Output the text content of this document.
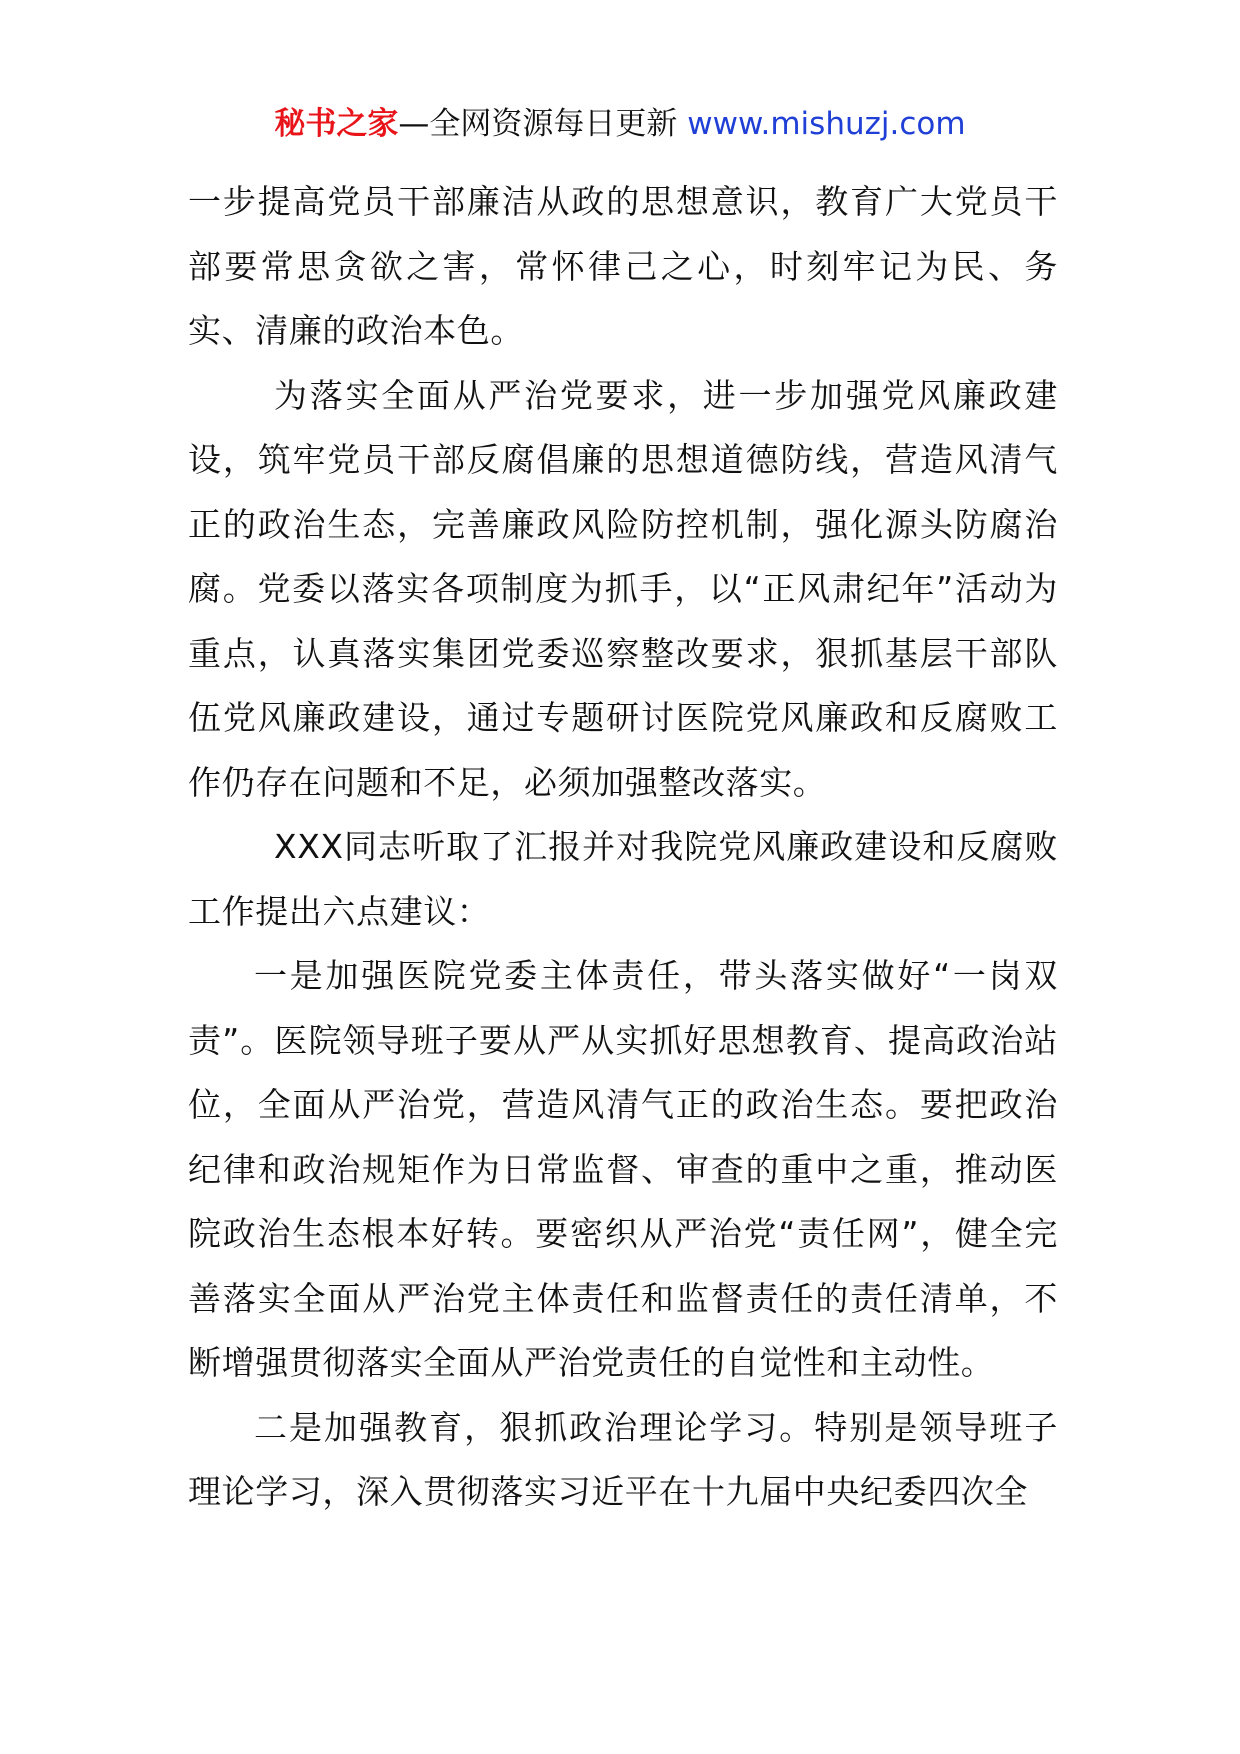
秘书之家—全网资源每日更新 www.mishuzj.com

一步提高党员干部廉洁从政的思想意识，教育广大党员干部要常思贪欲之害，常怀律己之心，时刻牢记为民、务实、清廉的政治本色。

为落实全面从严治党要求，进一步加强党风廉政建设，筑牢党员干部反腐倡廉的思想道德防线，营造风清气正的政治生态，完善廉政风险防控机制，强化源头防腐治腐。党委以落实各项制度为抓手，以“正风肃纪年”活动为重点，认真落实集团党委巡察整改要求，狠抓基层干部队伍党风廉政建设，通过专题研讨医院党风廉政和反腐败工作仍存在问题和不足，必须加强整改落实。

XXX同志听取了汇报并对我院党风廉政建设和反腐败工作提出六点建议：

一是加强医院党委主体责任，带头落实做好“一岗双责”。医院领导班子要从严从实抓好思想教育、提高政治站位，全面从严治党，营造风清气正的政治生态。要把政治纪律和政治规矩作为日常监督、审查的重中之重，推动医院政治生态根本好转。要密织从严治党“责任网”，健全完善落实全面从严治党主体责任和监督责任的责任清单，不断增强贯彻落实全面从严治党责任的自觉性和主动性。

二是加强教育，狠抓政治理论学习。特别是领导班子理论学习，深入贯彻落实习近平在十九届中央纪委四次全
